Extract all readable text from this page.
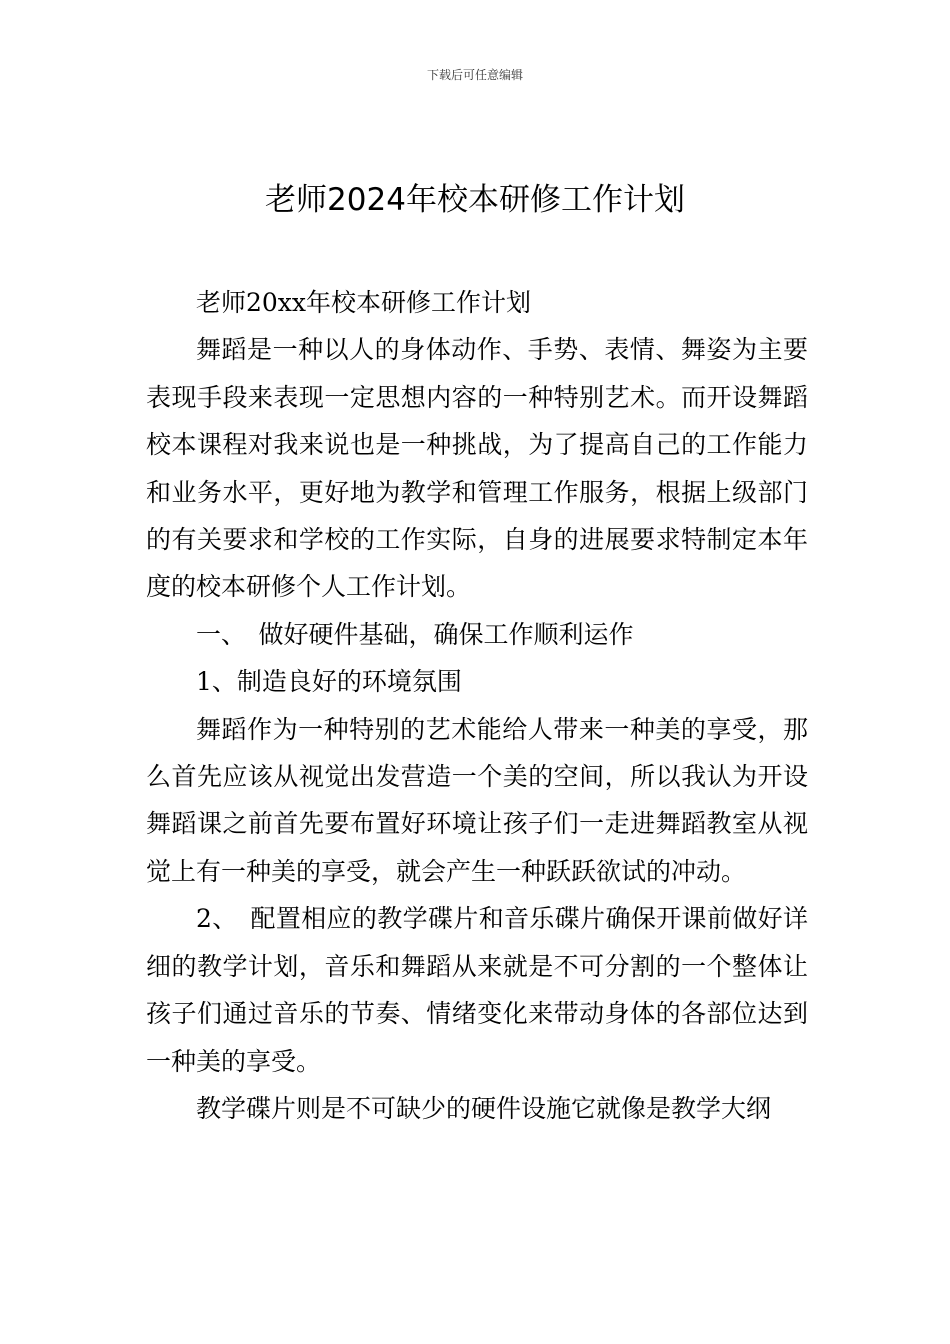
下载后可任意编辑
老师2024年校本研修工作计划

老师20xx年校本研修工作计划

舞蹈是一种以人的身体动作、手势、表情、舞姿为主要表现手段来表现一定思想内容的一种特别艺术。而开设舞蹈校本课程对我来说也是一种挑战，为了提高自己的工作能力和业务水平，更好地为教学和管理工作服务，根据上级部门的有关要求和学校的工作实际，自身的进展要求特制定本年度的校本研修个人工作计划。

一、　做好硬件基础，确保工作顺利运作

1、制造良好的环境氛围

舞蹈作为一种特别的艺术能给人带来一种美的享受，那么首先应该从视觉出发营造一个美的空间，所以我认为开设舞蹈课之前首先要布置好环境让孩子们一走进舞蹈教室从视觉上有一种美的享受，就会产生一种跃跃欲试的冲动。

2、　配置相应的教学碟片和音乐碟片确保开课前做好详细的教学计划，音乐和舞蹈从来就是不可分割的一个整体让孩子们通过音乐的节奏、情绪变化来带动身体的各部位达到一种美的享受。

教学碟片则是不可缺少的硬件设施它就像是教学大纲
